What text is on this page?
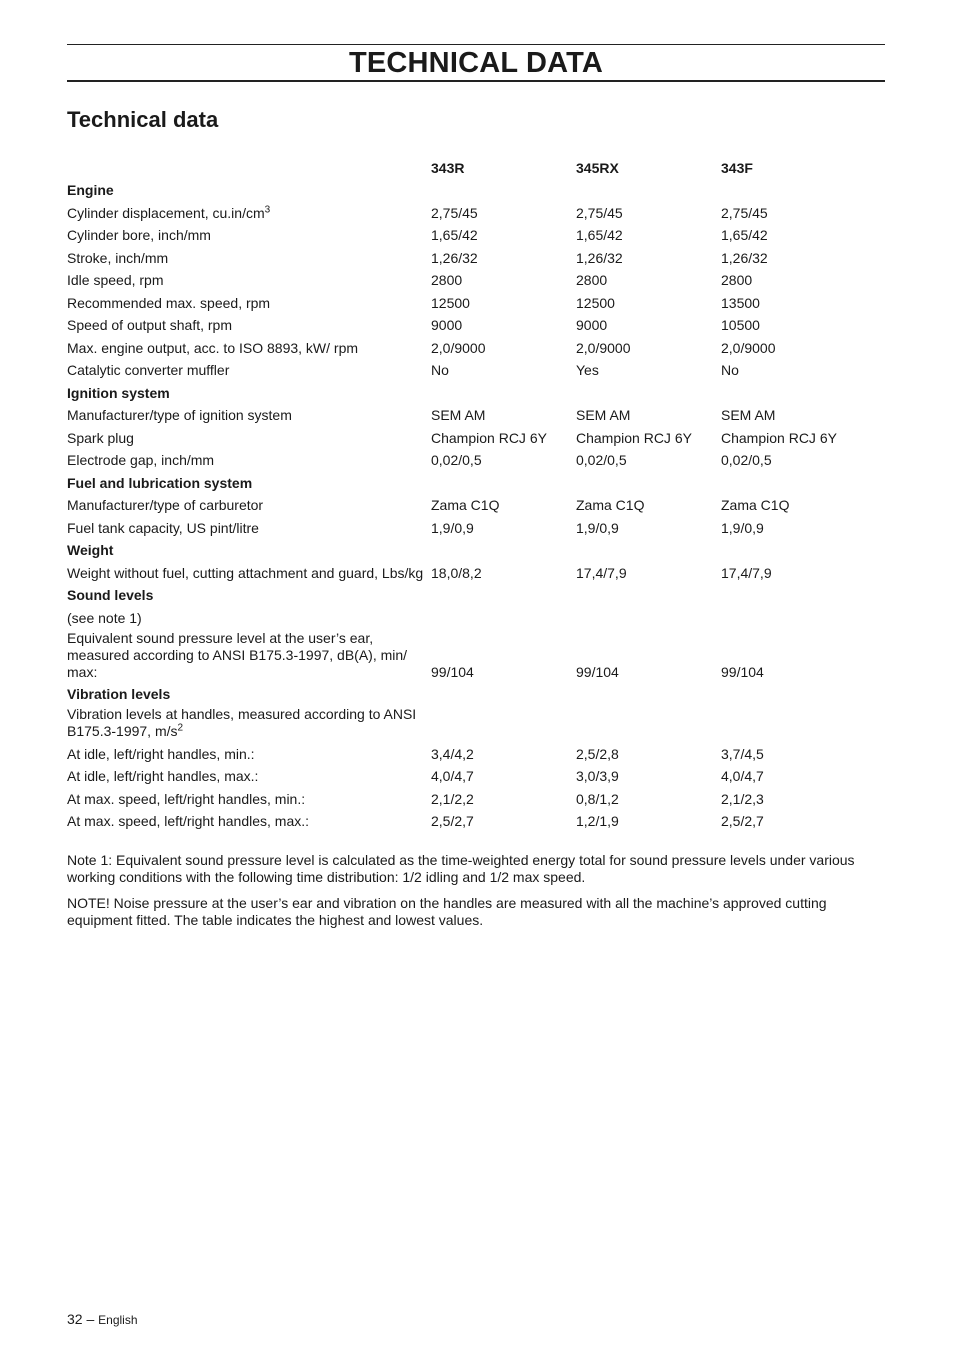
TECHNICAL DATA
Technical data
	343R	345RX	343F
Engine			
Cylinder displacement, $cu.in/cm^3$	2,75/45	2,75/45	2,75/45
Cylinder bore, inch/mm	1,65/42	1,65/42	1,65/42
Stroke, inch/mm	1,26/32	1,26/32	1,26/32
Idle speed, rpm	2800	2800	2800
Recommended max. speed, rpm	12500	12500	13500
Speed of output shaft, rpm	9000	9000	10500
Max. engine output, acc. to ISO 8893, kW/ rpm	2,0/9000	2,0/9000	2,0/9000
Catalytic converter muffler	No	Yes	No
Ignition system			
Manufacturer/type of ignition system	SEM AM	SEM AM	SEM AM
Spark plug	Champion RCJ 6Y	Champion RCJ 6Y	Champion RCJ 6Y
Electrode gap, inch/mm	0,02/0,5	0,02/0,5	0,02/0,5
Fuel and lubrication system			
Manufacturer/type of carburetor	Zama C1Q	Zama C1Q	Zama C1Q
Fuel tank capacity, US pint/litre	1,9/0,9	1,9/0,9	1,9/0,9
Weight			
Weight without fuel, cutting attachment and guard, Lbs/kg	18,0/8,2	17,4/7,9	17,4/7,9
Sound levels			
(see note 1)			
Equivalent sound pressure level at the user’s ear, measured according to ANSI B175.3-1997, dB(A), min/ max:	99/104	99/104	99/104
Vibration levels			
Vibration levels at handles, measured according to ANSI B175.3-1997, $m/s^2$			
At idle, left/right handles, min.:	3,4/4,2	2,5/2,8	3,7/4,5
At idle, left/right handles, max.:	4,0/4,7	3,0/3,9	4,0/4,7
At max. speed, left/right handles, min.:	2,1/2,2	0,8/1,2	2,1/2,3
At max. speed, left/right handles, max.:	2,5/2,7	1,2/1,9	2,5/2,7

Note 1: Equivalent sound pressure level is calculated as the time-weighted energy total for sound pressure levels under various working conditions with the following time distribution: 1/2 idling and 1/2 max speed.

NOTE! Noise pressure at the user’s ear and vibration on the handles are measured with all the machine’s approved cutting equipment fitted. The table indicates the highest and lowest values.

32 – English
